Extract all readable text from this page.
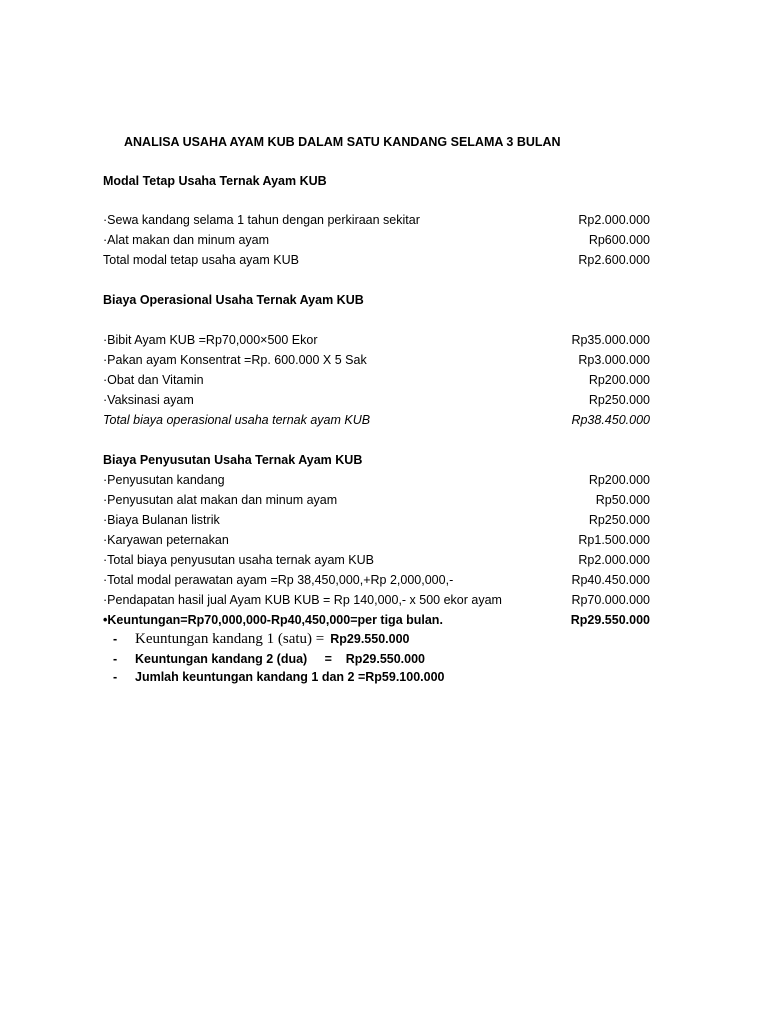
ANALISA USAHA AYAM KUB DALAM SATU KANDANG SELAMA 3 BULAN
Modal Tetap Usaha Ternak Ayam KUB
·Sewa kandang selama 1 tahun dengan perkiraan sekitar	Rp2.000.000
·Alat makan dan minum ayam	Rp600.000
Total modal tetap usaha ayam KUB	Rp2.600.000
Biaya Operasional Usaha Ternak Ayam KUB
·Bibit Ayam KUB =Rp70,000×500 Ekor	Rp35.000.000
·Pakan ayam Konsentrat =Rp. 600.000 X 5 Sak	Rp3.000.000
·Obat dan Vitamin	Rp200.000
·Vaksinasi ayam	Rp250.000
Total biaya operasional usaha ternak ayam KUB	Rp38.450.000
Biaya Penyusutan Usaha Ternak Ayam KUB
·Penyusutan kandang	Rp200.000
·Penyusutan alat makan dan minum ayam	Rp50.000
·Biaya Bulanan listrik	Rp250.000
·Karyawan peternakan	Rp1.500.000
·Total biaya penyusutan usaha ternak ayam KUB	Rp2.000.000
·Total modal perawatan ayam =Rp 38,450,000,+Rp 2,000,000,-	Rp40.450.000
·Pendapatan hasil jual Ayam KUB KUB = Rp 140,000,- x 500 ekor ayam	Rp70.000.000
•Keuntungan=Rp70,000,000-Rp40,450,000=per tiga bulan.	Rp29.550.000
-	Keuntungan kandang 1 (satu) = Rp29.550.000
-	Keuntungan kandang 2 (dua)     =    Rp29.550.000
-	Jumlah keuntungan kandang 1 dan 2 =Rp59.100.000
